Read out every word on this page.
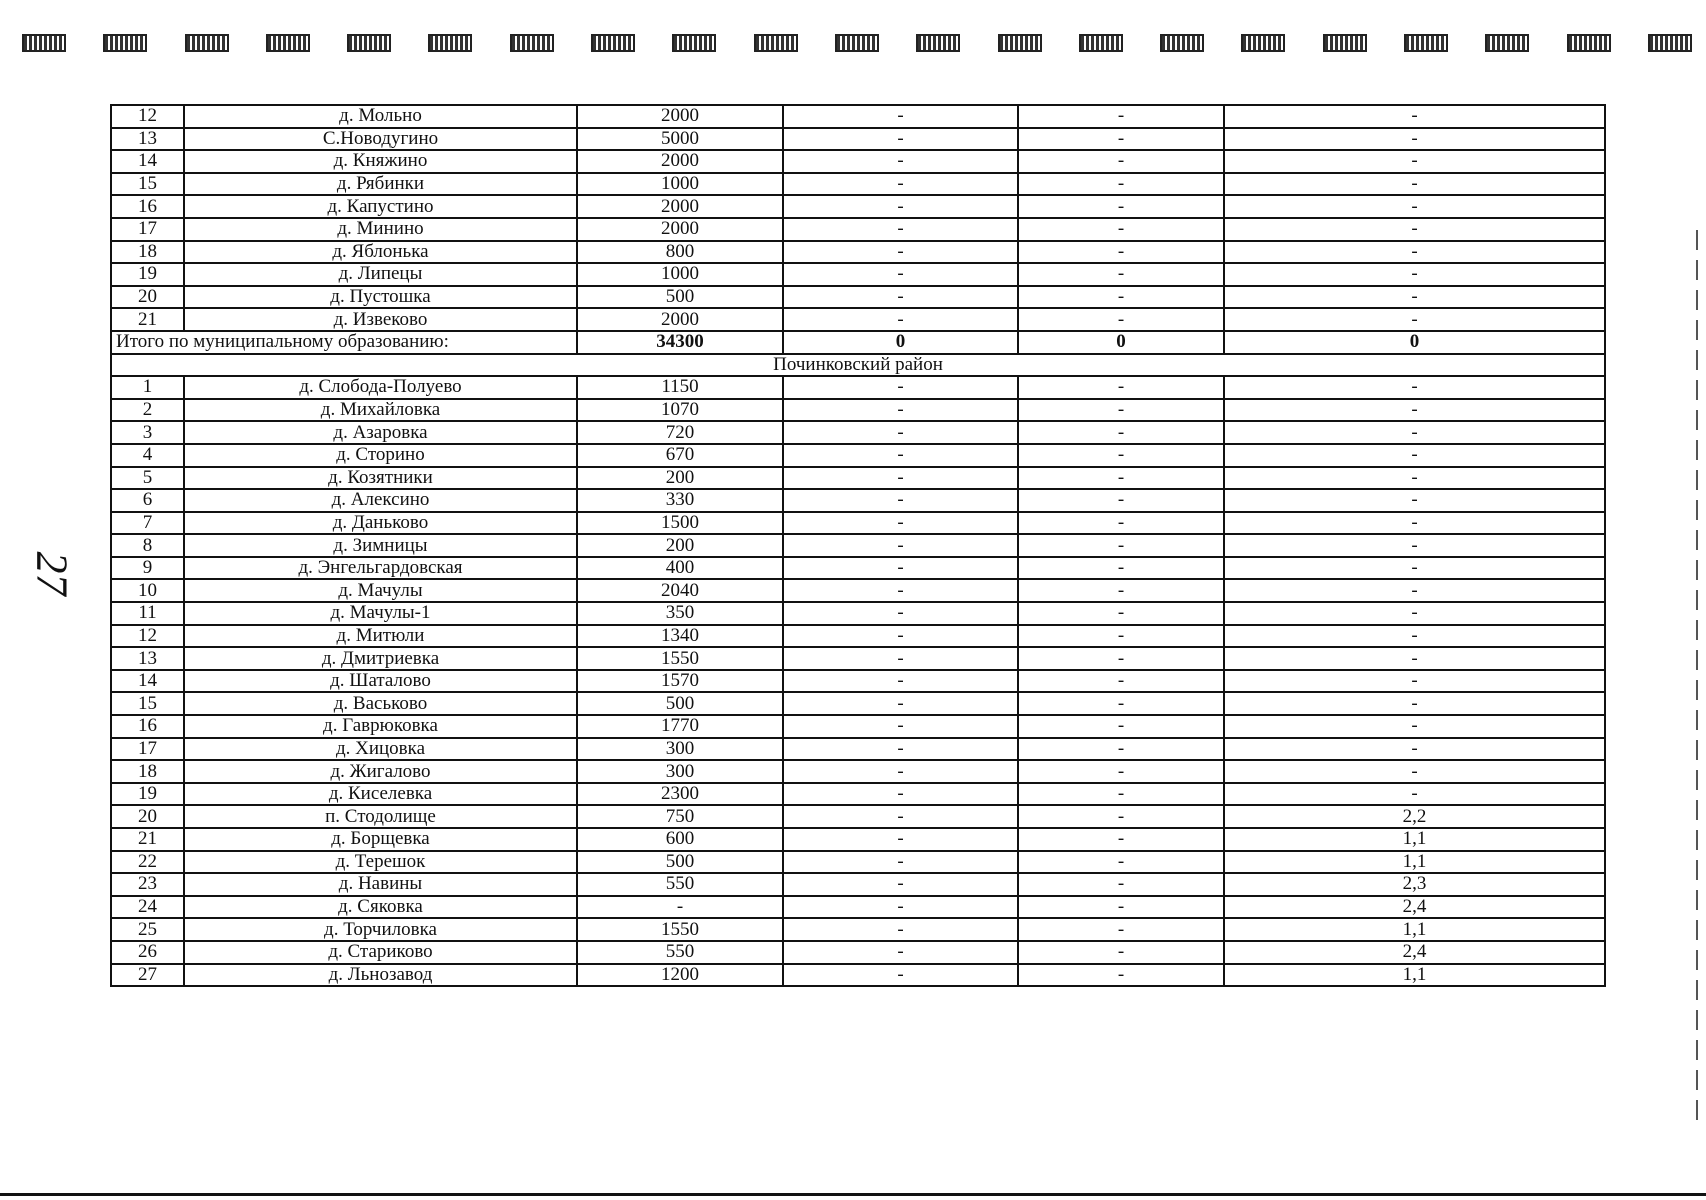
27
12	д. Мольно	2000	-	-	-
13	С.Новодугино	5000	-	-	-
14	д. Княжино	2000	-	-	-
15	д. Рябинки	1000	-	-	-
16	д. Капустино	2000	-	-	-
17	д. Минино	2000	-	-	-
18	д. Яблонька	800	-	-	-
19	д. Липецы	1000	-	-	-
20	д. Пустошка	500	-	-	-
21	д. Извеково	2000	-	-	-
Итого по муниципальному образованию:		34300	0	0	0
Починковский район					
1	д. Слобода-Полуево	1150	-	-	-
2	д. Михайловка	1070	-	-	-
3	д. Азаровка	720	-	-	-
4	д. Сторино	670	-	-	-
5	д. Козятники	200	-	-	-
6	д. Алексино	330	-	-	-
7	д. Даньково	1500	-	-	-
8	д. Зимницы	200	-	-	-
9	д. Энгельгардовская	400	-	-	-
10	д. Мачулы	2040	-	-	-
11	д. Мачулы-1	350	-	-	-
12	д. Митюли	1340	-	-	-
13	д. Дмитриевка	1550	-	-	-
14	д. Шаталово	1570	-	-	-
15	д. Васьково	500	-	-	-
16	д. Гаврюковка	1770	-	-	-
17	д. Хицовка	300	-	-	-
18	д. Жигалово	300	-	-	-
19	д. Киселевка	2300	-	-	-
20	п. Стодолище	750	-	-	2,2
21	д. Борщевка	600	-	-	1,1
22	д. Терешок	500	-	-	1,1
23	д. Навины	550	-	-	2,3
24	д. Сяковка	-	-	-	2,4
25	д. Торчиловка	1550	-	-	1,1
26	д. Стариково	550	-	-	2,4
27	д. Льнозавод	1200	-	-	1,1
